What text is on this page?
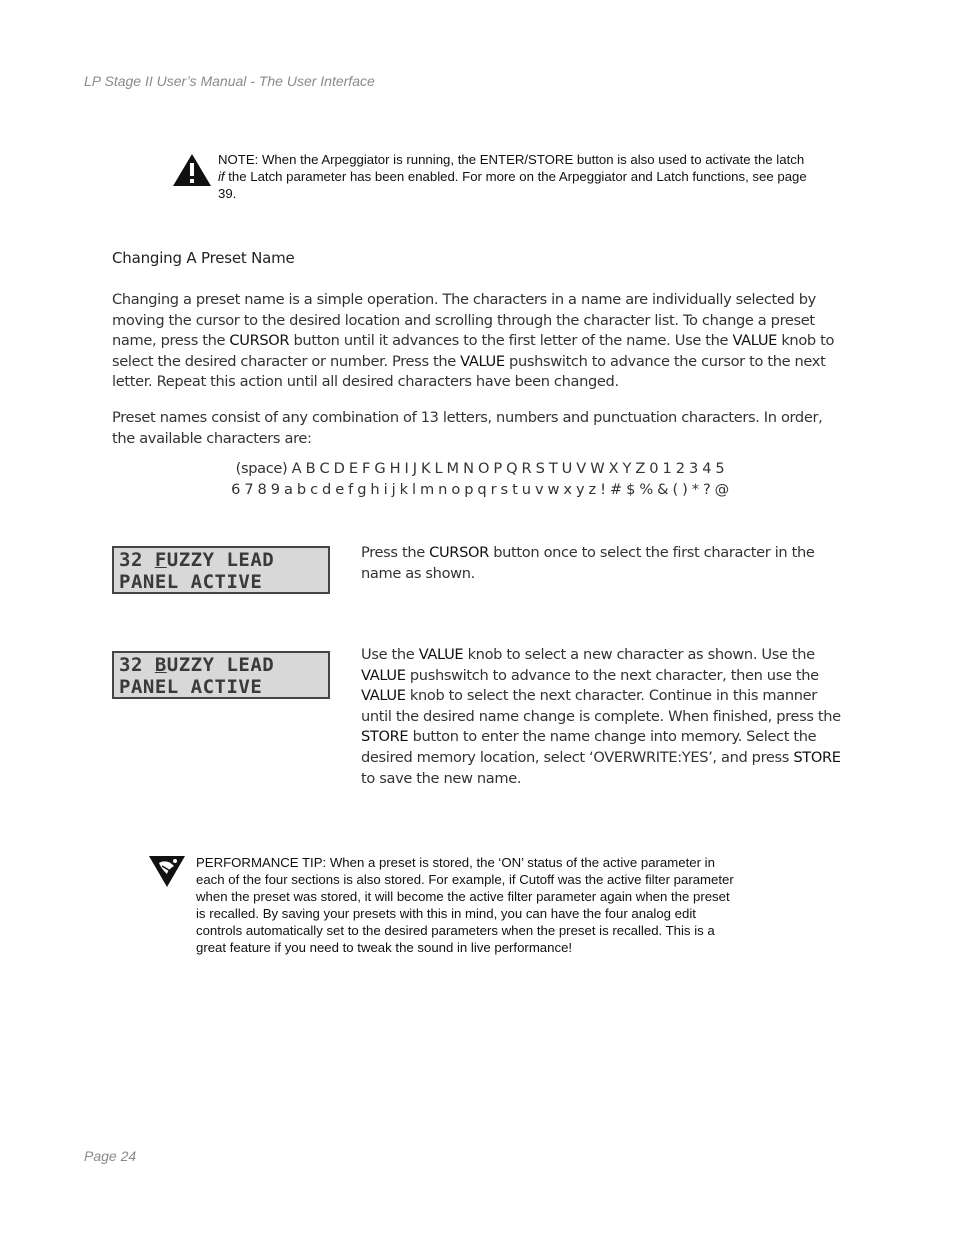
LP Stage II User’s Manual - The User Interface
NOTE: When the Arpeggiator is running, the ENTER/STORE button is also used to activate the latch if the Latch parameter has been enabled. For more on the Arpeggiator and Latch functions, see page 39.
Changing A Preset Name
Changing a preset name is a simple operation. The characters in a name are individually selected by moving the cursor to the desired location and scrolling through the character list. To change a preset name, press the CURSOR button until it advances to the first letter of the name. Use the VALUE knob to select the desired character or number. Press the VALUE pushswitch to advance the cursor to the next letter. Repeat this action until all desired characters have been changed.
Preset names consist of any combination of 13 letters, numbers and punctuation characters. In order, the available characters are:
(space) A B C D E F G H I J K L M N O P Q R S T U V W X Y Z 0 1 2 3 4 5
6 7 8 9 a b c d e f g h i j k l m n o p q r s t u v w x y z ! # $ % & ( ) * ? @
32 FUZZY LEAD
PANEL ACTIVE
Press the CURSOR button once to select the first character in the name as shown.
32 BUZZY LEAD
PANEL ACTIVE
Use the VALUE knob to select a new character as shown. Use the VALUE pushswitch to advance to the next character, then use the VALUE knob to select the next character. Continue in this manner until the desired name change is complete. When finished, press the STORE button to enter the name change into memory. Select the desired memory location, select ‘OVERWRITE:YES’, and press STORE to save the new name.
PERFORMANCE TIP: When a preset is stored, the ‘ON’ status of the active parameter in each of the four sections is also stored. For example, if Cutoff was the active filter parameter when the preset was stored, it will become the active filter parameter again when the preset is recalled. By saving your presets with this in mind, you can have the four analog edit controls automatically set to the desired parameters when the preset is recalled. This is a great feature if you need to tweak the sound in live performance!
Page 24
